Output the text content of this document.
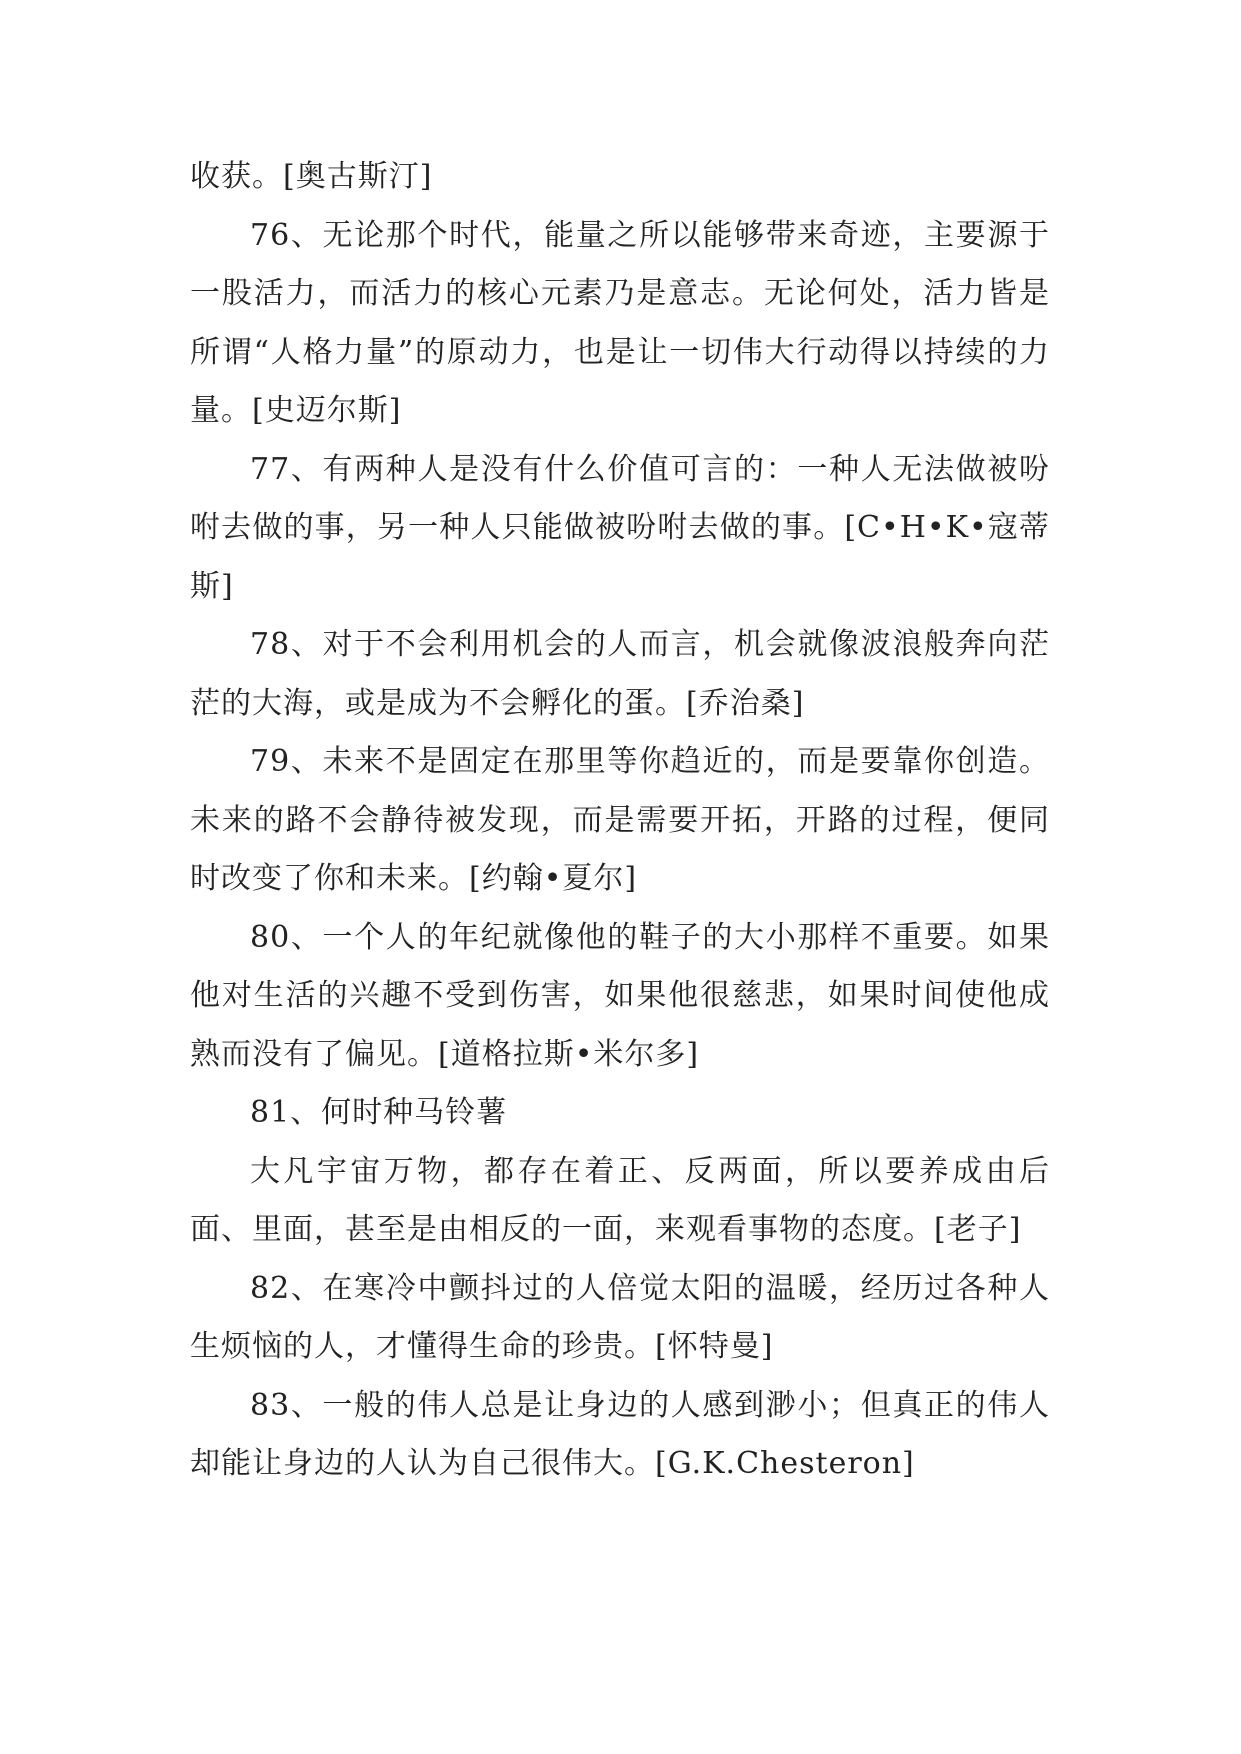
收获。[奥古斯汀]

76、无论那个时代，能量之所以能够带来奇迹，主要源于一股活力，而活力的核心元素乃是意志。无论何处，活力皆是所谓“人格力量”的原动力，也是让一切伟大行动得以持续的力量。[史迈尔斯]

77、有两种人是没有什么价值可言的：一种人无法做被吩咐去做的事，另一种人只能做被吩咐去做的事。[C•H•K•寇蒂斯]

78、对于不会利用机会的人而言，机会就像波浪般奔向茫茫的大海，或是成为不会孵化的蛋。[乔治桑]

79、未来不是固定在那里等你趋近的，而是要靠你创造。未来的路不会静待被发现，而是需要开拓，开路的过程，便同时改变了你和未来。[约翰•夏尔]

80、一个人的年纪就像他的鞋子的大小那样不重要。如果他对生活的兴趣不受到伤害，如果他很慈悲，如果时间使他成熟而没有了偏见。[道格拉斯•米尔多]

81、何时种马铃薯

大凡宇宙万物，都存在着正、反两面，所以要养成由后面、里面，甚至是由相反的一面，来观看事物的态度。[老子]

82、在寒冷中颤抖过的人倍觉太阳的温暖，经历过各种人生烦恼的人，才懂得生命的珍贵。[怀特曼]

83、一般的伟人总是让身边的人感到渺小；但真正的伟人却能让身边的人认为自己很伟大。[G.K.Chesteron]
